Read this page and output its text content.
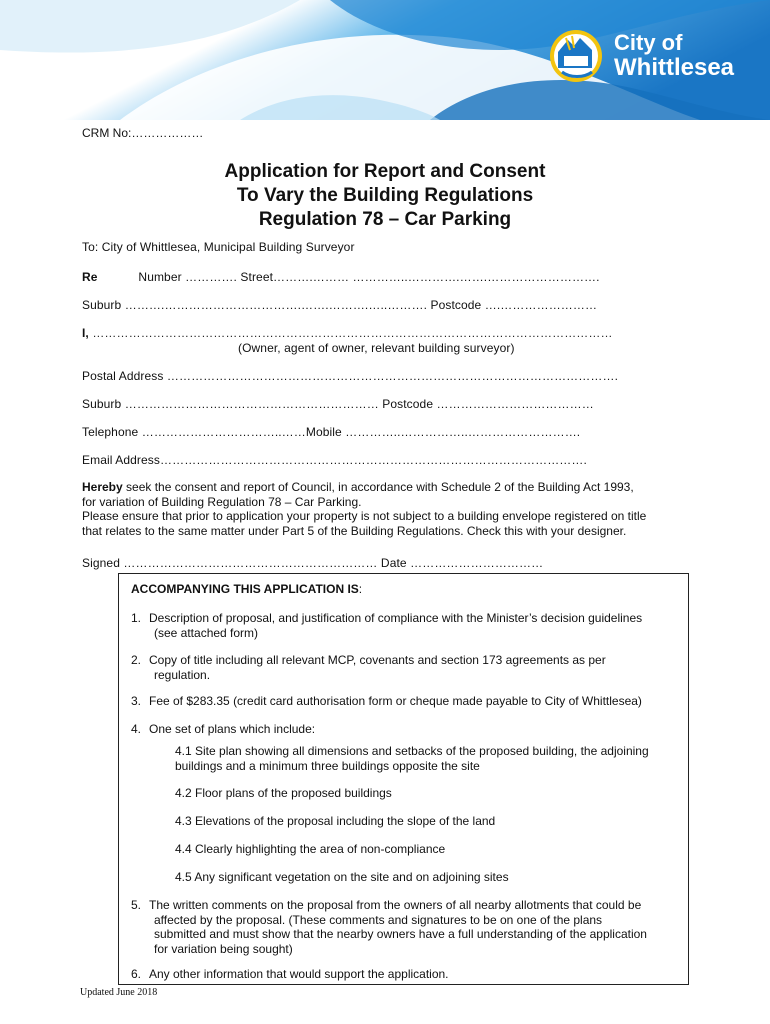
City of
Whittlesea
CRM No:………………
Application for Report and Consent
To Vary the Building Regulations
Regulation 78 – Car Parking
To: City of Whittlesea, Municipal Building Surveyor
Re	Number …………. Street……….……… …………..………….…….……………………….
Suburb ……….…………………………….…….……….…..………. Postcode ….……………………
I, …………………………………………………………………………………………………………………
(Owner, agent of owner, relevant building surveyor)
Postal Address ………………………………………………………………………………………………….
Suburb ……………………………………………………… Postcode …………………………………
Telephone ……………………………..……Mobile …………..……………..……………………….
Email Address…………………………………………………………………………………………….
Hereby seek the consent and report of Council, in accordance with Schedule 2 of the Building Act 1993,
for variation of Building Regulation 78 – Car Parking.
Please ensure that prior to application your property is not subject to a building envelope registered on title
that relates to the same matter under Part 5 of the Building Regulations. Check this with your designer.
Signed ……………………………………………………… Date ……………………………
ACCOMPANYING THIS APPLICATION IS:
1. Description of proposal, and justification of compliance with the Minister’s decision guidelines
(see attached form)
2. Copy of title including all relevant MCP, covenants and section 173 agreements as per
regulation.
3. Fee of $283.35 (credit card authorisation form or cheque made payable to City of Whittlesea)
4. One set of plans which include:
4.1 Site plan showing all dimensions and setbacks of the proposed building, the adjoining
buildings and a minimum three buildings opposite the site
4.2 Floor plans of the proposed buildings
4.3 Elevations of the proposal including the slope of the land
4.4 Clearly highlighting the area of non-compliance
4.5 Any significant vegetation on the site and on adjoining sites
5. The written comments on the proposal from the owners of all nearby allotments that could be
affected by the proposal. (These comments and signatures to be on one of the plans
submitted and must show that the nearby owners have a full understanding of the application
for variation being sought)
6. Any other information that would support the application.
Updated June 2018
